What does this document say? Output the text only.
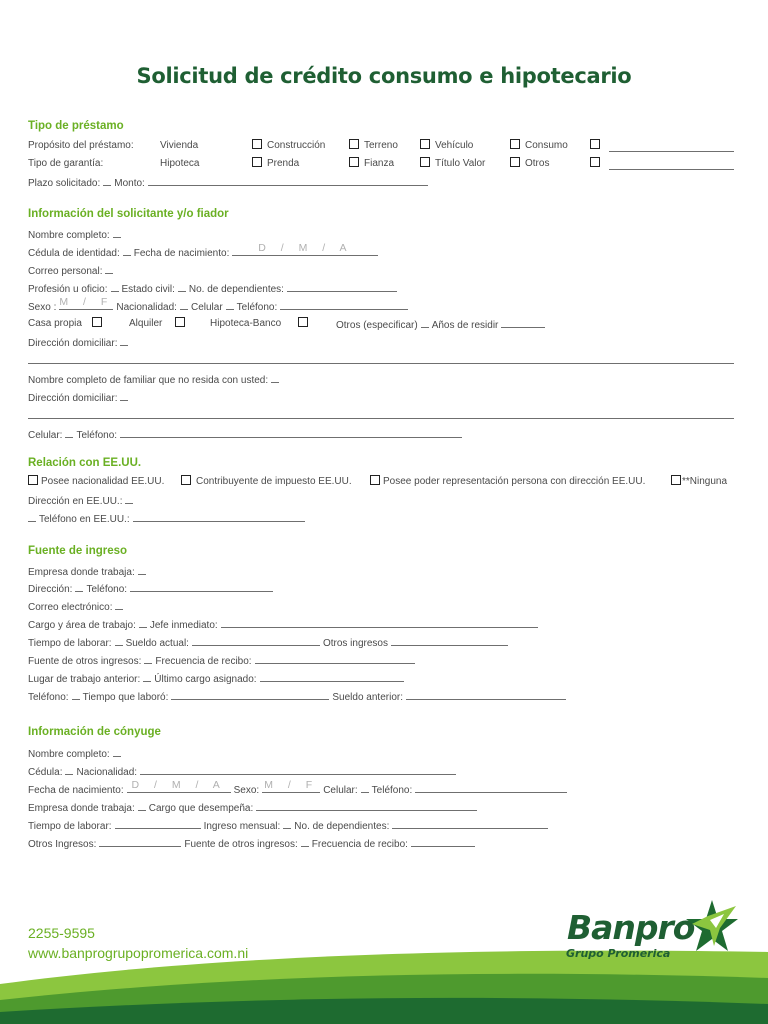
Solicitud de crédito consumo e hipotecario
Tipo de préstamo
Propósito del préstamo:	Vivienda	Construcción	Terreno	Vehículo	Consumo
Tipo de garantía:	Hipoteca	Prenda	Fianza	Título Valor	Otros
Plazo solicitado: Monto:
Información del solicitante y/o fiador
Nombre completo:
Cédula de identidad: Fecha de nacimiento:	D / M / A
Correo personal:
Profesión u oficio: Estado civil: No. de dependientes:
Sexo : M / F Nacionalidad: Celular Teléfono:
Casa propia	Alquiler	Hipoteca-Banco	Otros (especificar) Años de residir
Dirección domiciliar:
Nombre completo de familiar que no resida con usted:
Dirección domiciliar:
Celular: Teléfono:
Relación con EE.UU.
Posee nacionalidad EE.UU.	Contribuyente de impuesto EE.UU.	Posee poder representación persona con dirección EE.UU.	**Ninguna
Dirección en EE.UU.:
Teléfono en EE.UU.:
Fuente de ingreso
Empresa donde trabaja:
Dirección: Teléfono:
Correo electrónico:
Cargo y área de trabajo: Jefe inmediato:
Tiempo de laborar: Sueldo actual:	Otros ingresos
Fuente de otros ingresos: Frecuencia de recibo:
Lugar de trabajo anterior: Último cargo asignado:
Teléfono: Tiempo que laboró:	Sueldo anterior:
Información de cónyuge
Nombre completo:
Cédula: Nacionalidad:
Fecha de nacimiento: D / M / A Sexo: M / F Celular: Teléfono:
Empresa donde trabaja: Cargo que desempeña:
Tiempo de laborar:	Ingreso mensual: No. de dependientes:
Otros Ingresos:	Fuente de otros ingresos: Frecuencia de recibo:
2255-9595
www.banprogrupopromerica.com.ni
Banpro
Grupo Promerica
